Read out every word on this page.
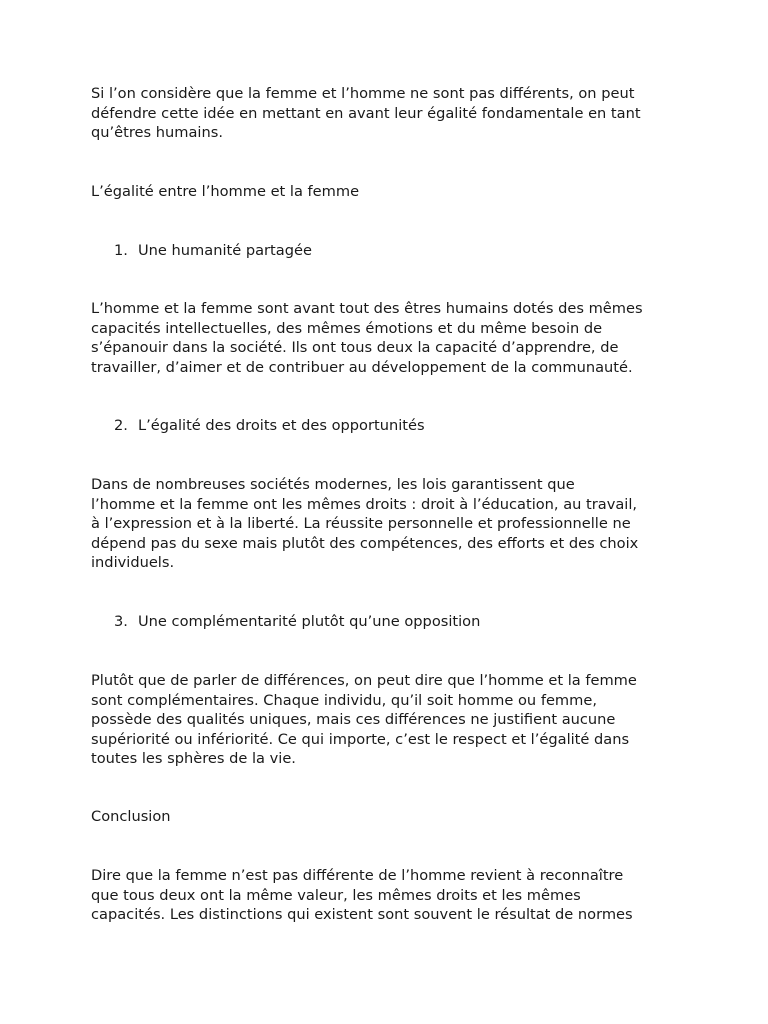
Si l’on considère que la femme et l’homme ne sont pas différents, on peut
défendre cette idée en mettant en avant leur égalité fondamentale en tant
qu’êtres humains.

L’égalité entre l’homme et la femme

1. Une humanité partagée

L’homme et la femme sont avant tout des êtres humains dotés des mêmes
capacités intellectuelles, des mêmes émotions et du même besoin de
s’épanouir dans la société. Ils ont tous deux la capacité d’apprendre, de
travailler, d’aimer et de contribuer au développement de la communauté.

2. L’égalité des droits et des opportunités

Dans de nombreuses sociétés modernes, les lois garantissent que
l’homme et la femme ont les mêmes droits : droit à l’éducation, au travail,
à l’expression et à la liberté. La réussite personnelle et professionnelle ne
dépend pas du sexe mais plutôt des compétences, des efforts et des choix
individuels.

3. Une complémentarité plutôt qu’une opposition

Plutôt que de parler de différences, on peut dire que l’homme et la femme
sont complémentaires. Chaque individu, qu’il soit homme ou femme,
possède des qualités uniques, mais ces différences ne justifient aucune
supériorité ou infériorité. Ce qui importe, c’est le respect et l’égalité dans
toutes les sphères de la vie.

Conclusion

Dire que la femme n’est pas différente de l’homme revient à reconnaître
que tous deux ont la même valeur, les mêmes droits et les mêmes
capacités. Les distinctions qui existent sont souvent le résultat de normes
